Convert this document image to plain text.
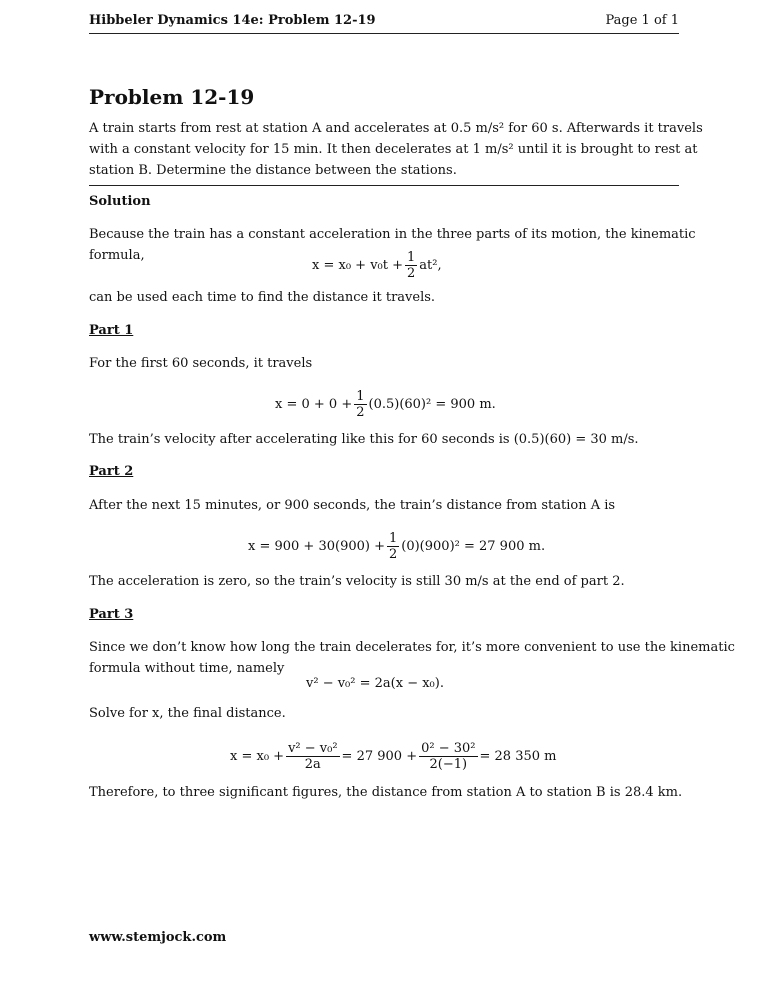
Hibbeler Dynamics 14e: Problem 12-19	Page 1 of 1
Problem 12-19
A train starts from rest at station A and accelerates at 0.5 m/s² for 60 s. Afterwards it travels
with a constant velocity for 15 min. It then decelerates at 1 m/s² until it is brought to rest at
station B. Determine the distance between the stations.
Solution
Because the train has a constant acceleration in the three parts of its motion, the kinematic
formula,
$x = x_0 + v_0t + \frac{1}{2} at^2$,
can be used each time to find the distance it travels.
Part 1
For the first 60 seconds, it travels
$x = 0 + 0 + \frac{1}{2} (0.5)(60)^2 = 900$ m.
The train’s velocity after accelerating like this for 60 seconds is (0.5)(60) = 30 m/s.
Part 2
After the next 15 minutes, or 900 seconds, the train’s distance from station A is
$x = 900 + 30(900) + \frac{1}{2} (0)(900)^2 = 27$ 900 m.
The acceleration is zero, so the train’s velocity is still 30 m/s at the end of part 2.
Part 3
Since we don’t know how long the train decelerates for, it’s more convenient to use the kinematic
formula without time, namely
v² − v₀² = 2a(x − x₀).
Solve for x, the final distance.
$x = x_0 + \frac{\text{v² − v₀²}}{2a} = 27$ $900 + \frac{\text{0² − 30²}}{2(-1)} = 28$ 350 m
Therefore, to three significant figures, the distance from station A to station B is 28.4 km.
www.stemjock.com
